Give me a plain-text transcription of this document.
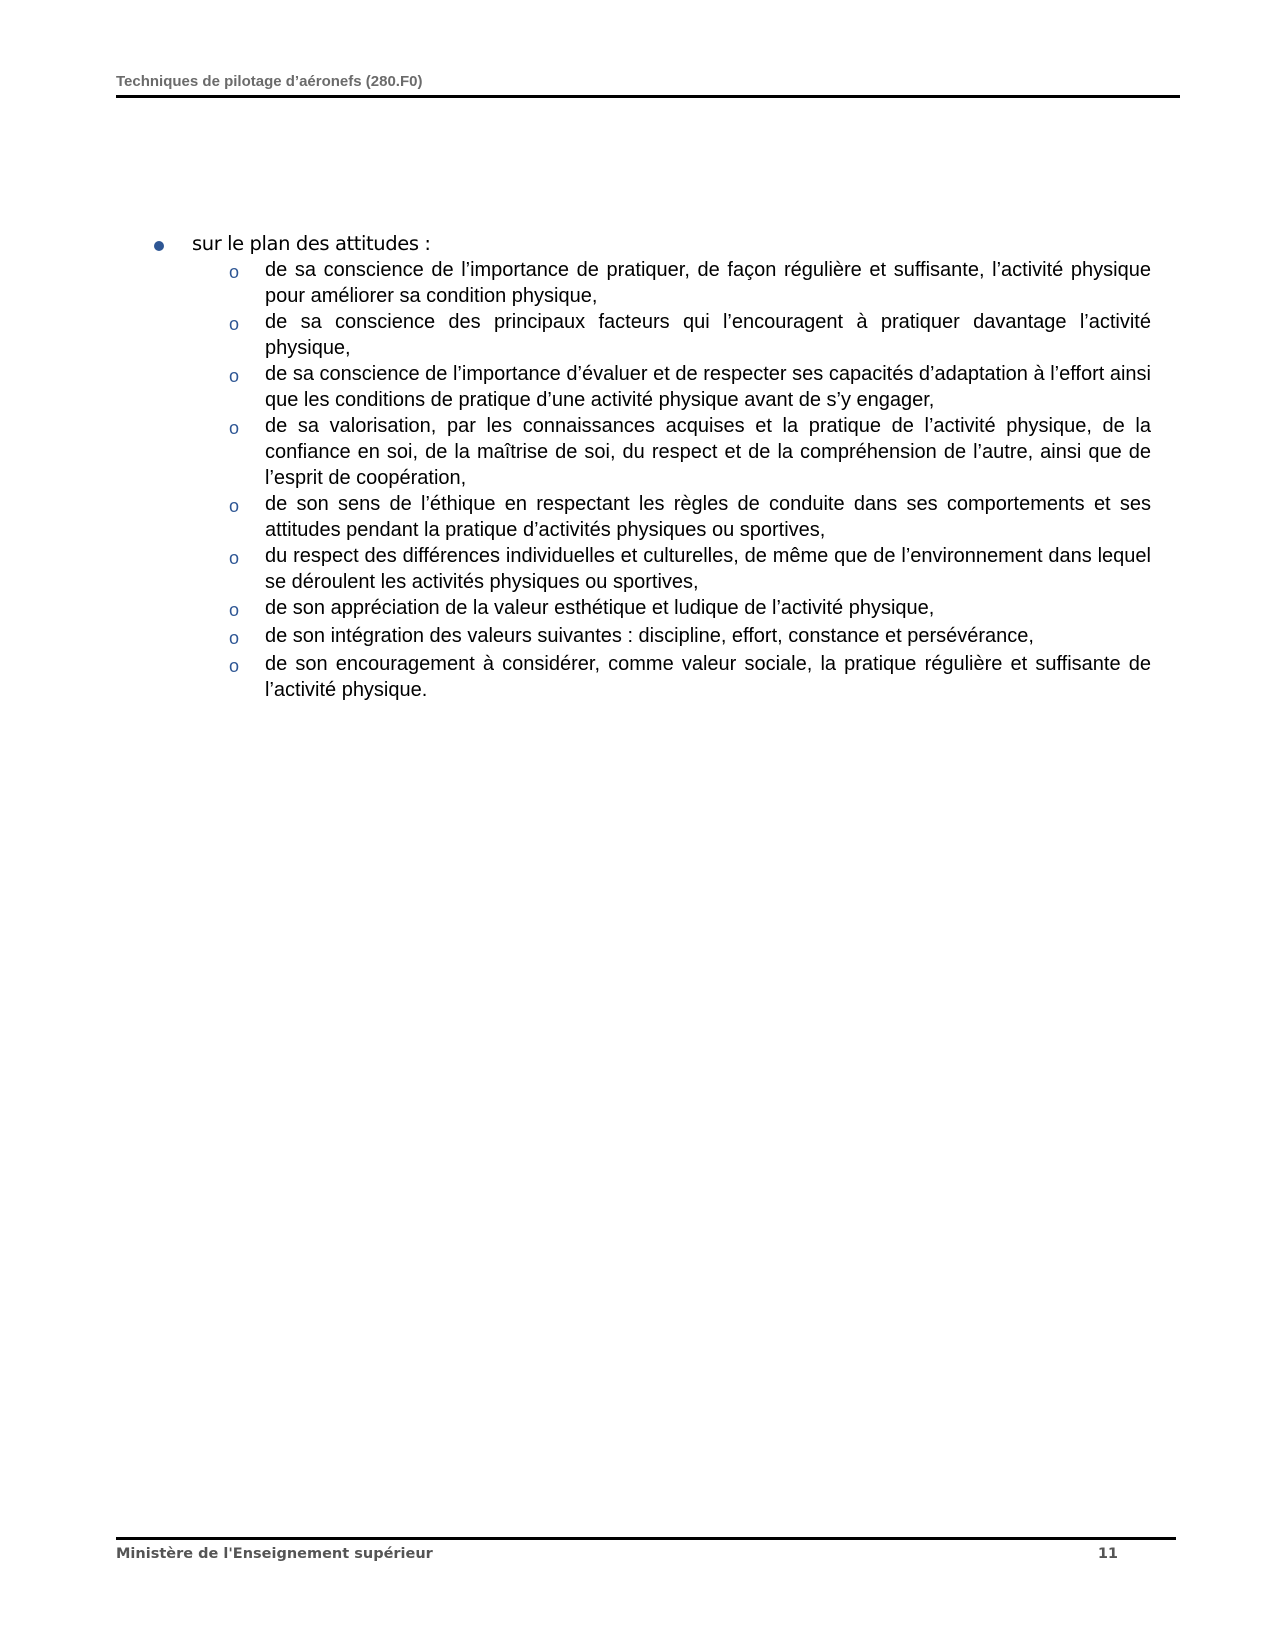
Techniques de pilotage d’aéronefs (280.F0)
sur le plan des attitudes :
o	de sa conscience de l’importance de pratiquer, de façon régulière et suffisante, l’activité physique pour améliorer sa condition physique,
o	de sa conscience des principaux facteurs qui l’encouragent à pratiquer davantage l’activité physique,
o	de sa conscience de l’importance d’évaluer et de respecter ses capacités d’adaptation à l’effort ainsi que les conditions de pratique d’une activité physique avant de s’y engager,
o	de sa valorisation, par les connaissances acquises et la pratique de l’activité physique, de la confiance en soi, de la maîtrise de soi, du respect et de la compréhension de l’autre, ainsi que de l’esprit de coopération,
o	de son sens de l’éthique en respectant les règles de conduite dans ses comportements et ses attitudes pendant la pratique d’activités physiques ou sportives,
o	du respect des différences individuelles et culturelles, de même que de l’environnement dans lequel se déroulent les activités physiques ou sportives,
o	de son appréciation de la valeur esthétique et ludique de l’activité physique,
o	de son intégration des valeurs suivantes : discipline, effort, constance et persévérance,
o	de son encouragement à considérer, comme valeur sociale, la pratique régulière et suffisante de l’activité physique.
Ministère de l'Enseignement supérieur	11
